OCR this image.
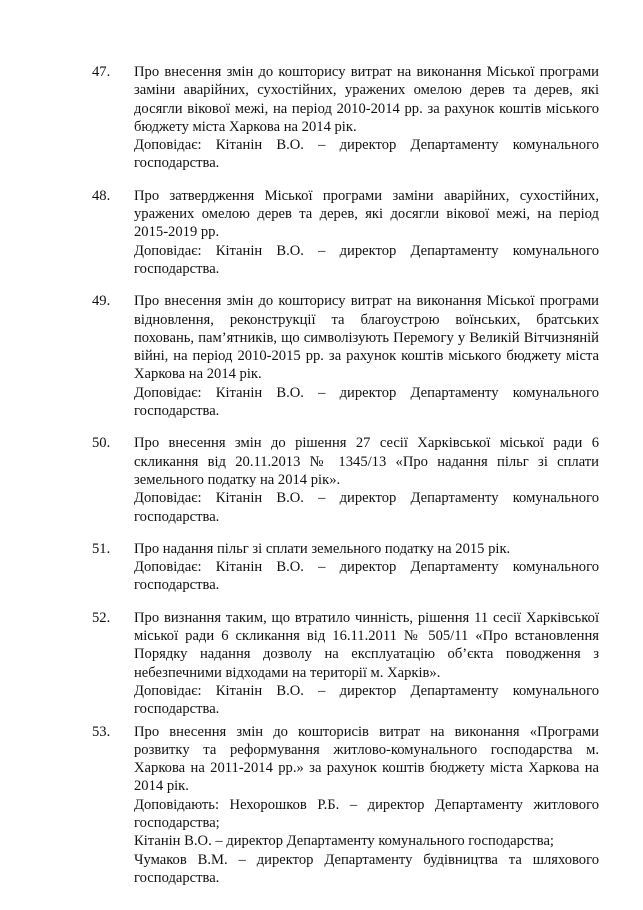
47.	Про внесення змін до кошторису витрат на виконання Міської програми заміни аварійних, сухостійних, уражених омелою дерев та дерев, які досягли вікової межі, на період 2010-2014 рр. за рахунок коштів міського бюджету міста Харкова на 2014 рік.

Доповідає: Кітанін В.О. – директор Департаменту комунального господарства.

48.	Про затвердження Міської програми заміни аварійних, сухостійних, уражених омелою дерев та дерев, які досягли вікової межі, на період 2015-2019 рр.

Доповідає: Кітанін В.О. – директор Департаменту комунального господарства.

49.	Про внесення змін до кошторису витрат на виконання Міської програми відновлення, реконструкції та благоустрою воїнських, братських поховань, пам’ятників, що символізують Перемогу у Великій Вітчизняній війні, на період 2010-2015 рр. за рахунок коштів міського бюджету міста Харкова на 2014 рік.

Доповідає: Кітанін В.О. – директор Департаменту комунального господарства.

50.	Про внесення змін до рішення 27 сесії Харківської міської ради 6 скликання від 20.11.2013 № 1345/13 «Про надання пільг зі сплати земельного податку на 2014 рік».

Доповідає: Кітанін В.О. – директор Департаменту комунального господарства.

51.	Про надання пільг зі сплати земельного податку на 2015 рік.

Доповідає: Кітанін В.О. – директор Департаменту комунального господарства.

52.	Про визнання таким, що втратило чинність, рішення 11 сесії Харківської міської ради 6 скликання від 16.11.2011 № 505/11 «Про встановлення Порядку надання дозволу на експлуатацію об’єкта поводження з небезпечними відходами на території м. Харків».

Доповідає: Кітанін В.О. – директор Департаменту комунального господарства.

53.	Про внесення змін до кошторисів витрат на виконання «Програми розвитку та реформування житлово-комунального господарства м. Харкова на 2011-2014 рр.» за рахунок коштів бюджету міста Харкова на 2014 рік.

Доповідають: Нехорошков Р.Б. – директор Департаменту житлового господарства;

Кітанін В.О. – директор Департаменту комунального господарства;

Чумаков В.М. – директор Департаменту будівництва та шляхового господарства.
